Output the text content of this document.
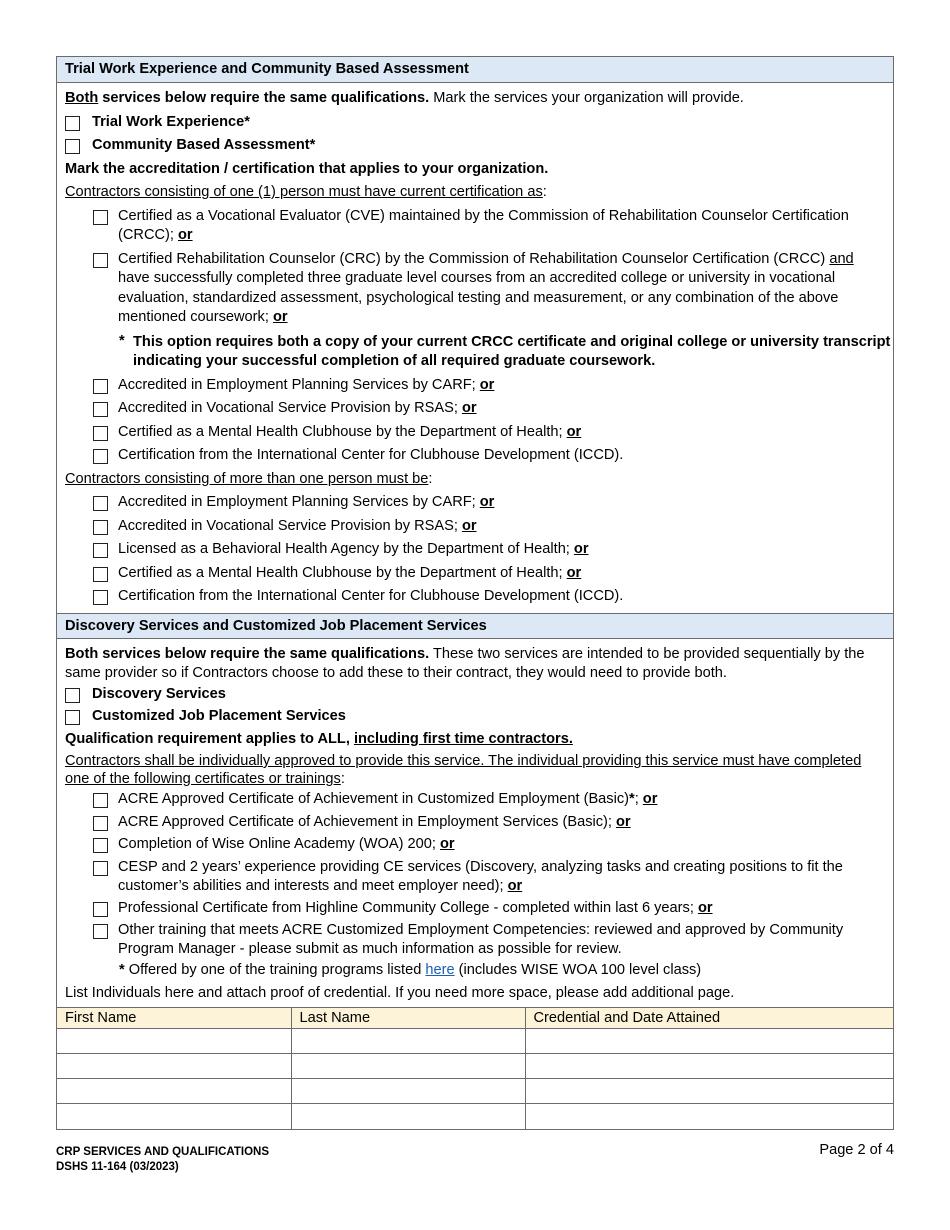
Trial Work Experience and Community Based Assessment
Both services below require the same qualifications. Mark the services your organization will provide.
Trial Work Experience*
Community Based Assessment*
Mark the accreditation / certification that applies to your organization.
Contractors consisting of one (1) person must have current certification as:
Certified as a Vocational Evaluator (CVE) maintained by the Commission of Rehabilitation Counselor Certification (CRCC); or
Certified Rehabilitation Counselor (CRC) by the Commission of Rehabilitation Counselor Certification (CRCC) and have successfully completed three graduate level courses from an accredited college or university in vocational evaluation, standardized assessment, psychological testing and measurement, or any combination of the above mentioned coursework; or
* This option requires both a copy of your current CRCC certificate and original college or university transcript indicating your successful completion of all required graduate coursework.
Accredited in Employment Planning Services by CARF; or
Accredited in Vocational Service Provision by RSAS; or
Certified as a Mental Health Clubhouse by the Department of Health; or
Certification from the International Center for Clubhouse Development (ICCD).
Contractors consisting of more than one person must be:
Accredited in Employment Planning Services by CARF; or
Accredited in Vocational Service Provision by RSAS; or
Licensed as a Behavioral Health Agency by the Department of Health; or
Certified as a Mental Health Clubhouse by the Department of Health; or
Certification from the International Center for Clubhouse Development (ICCD).
Discovery Services and Customized Job Placement Services
Both services below require the same qualifications. These two services are intended to be provided sequentially by the same provider so if Contractors choose to add these to their contract, they would need to provide both.
Discovery Services
Customized Job Placement Services
Qualification requirement applies to ALL, including first time contractors.
Contractors shall be individually approved to provide this service. The individual providing this service must have completed one of the following certificates or trainings:
ACRE Approved Certificate of Achievement in Customized Employment (Basic)*; or
ACRE Approved Certificate of Achievement in Employment Services (Basic); or
Completion of Wise Online Academy (WOA) 200; or
CESP and 2 years’ experience providing CE services (Discovery, analyzing tasks and creating positions to fit the customer’s abilities and interests and meet employer need); or
Professional Certificate from Highline Community College - completed within last 6 years; or
Other training that meets ACRE Customized Employment Competencies: reviewed and approved by Community Program Manager - please submit as much information as possible for review.
* Offered by one of the training programs listed here (includes WISE WOA 100 level class)
List Individuals here and attach proof of credential. If you need more space, please add additional page.
First Name	Last Name	Credential and Date Attained

CRP SERVICES AND QUALIFICATIONS
DSHS 11-164 (03/2023)
Page 2 of 4
